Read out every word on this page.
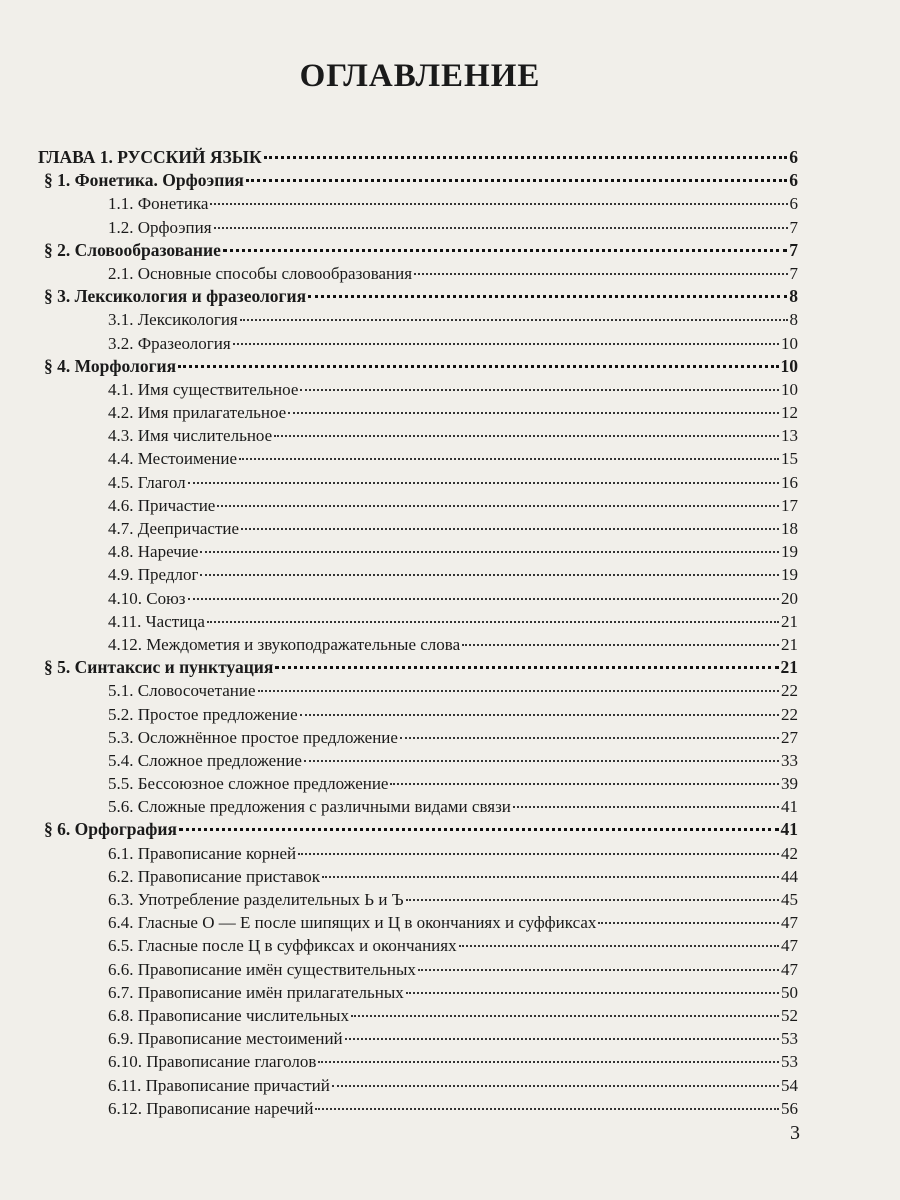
ОГЛАВЛЕНИЕ
ГЛАВА 1. РУССКИЙ ЯЗЫК	6
§ 1. Фонетика. Орфоэпия	6
1.1. Фонетика	6
1.2. Орфоэпия	7
§ 2. Словообразование	7
2.1. Основные способы словообразования	7
§ 3. Лексикология и фразеология	8
3.1. Лексикология	8
3.2. Фразеология	10
§ 4. Морфология	10
4.1. Имя существительное	10
4.2. Имя прилагательное	12
4.3. Имя числительное	13
4.4. Местоимение	15
4.5. Глагол	16
4.6. Причастие	17
4.7. Деепричастие	18
4.8. Наречие	19
4.9. Предлог	19
4.10. Союз	20
4.11. Частица	21
4.12. Междометия и звукоподражательные слова	21
§ 5. Синтаксис и пунктуация	21
5.1. Словосочетание	22
5.2. Простое предложение	22
5.3. Осложнённое простое предложение	27
5.4. Сложное предложение	33
5.5. Бессоюзное сложное предложение	39
5.6. Сложные предложения с различными видами связи	41
§ 6. Орфография	41
6.1. Правописание корней	42
6.2. Правописание приставок	44
6.3. Употребление разделительных Ь и Ъ	45
6.4. Гласные О — Е после шипящих и Ц в окончаниях и суффиксах	47
6.5. Гласные после Ц в суффиксах и окончаниях	47
6.6. Правописание имён существительных	47
6.7. Правописание имён прилагательных	50
6.8. Правописание числительных	52
6.9. Правописание местоимений	53
6.10. Правописание глаголов	53
6.11. Правописание причастий	54
6.12. Правописание наречий	56
3
